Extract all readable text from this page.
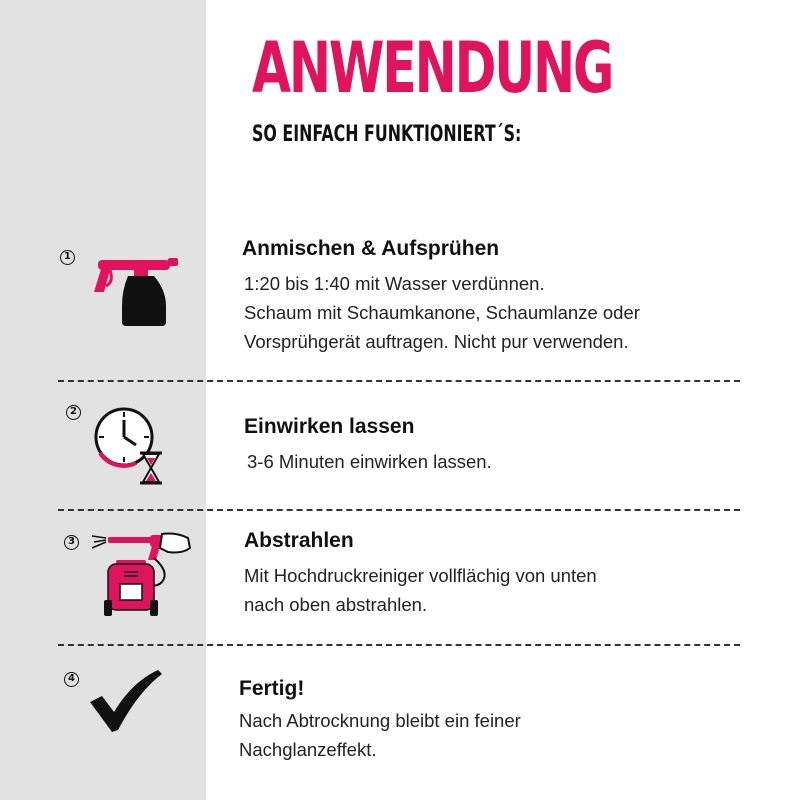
ANWENDUNG
SO EINFACH FUNKTIONIERT´S:
1	Anmischen & Aufsprühen
1:20 bis 1:40 mit Wasser verdünnen.
Schaum mit Schaumkanone, Schaumlanze oder
Vorsprühgerät auftragen. Nicht pur verwenden.
2
Einwirken lassen
3-6 Minuten einwirken lassen.
3	Abstrahlen
Mit Hochdruckreiniger vollflächig von unten
nach oben abstrahlen.
4	Fertig!
Nach Abtrocknung bleibt ein feiner
Nachglanzeffekt.
